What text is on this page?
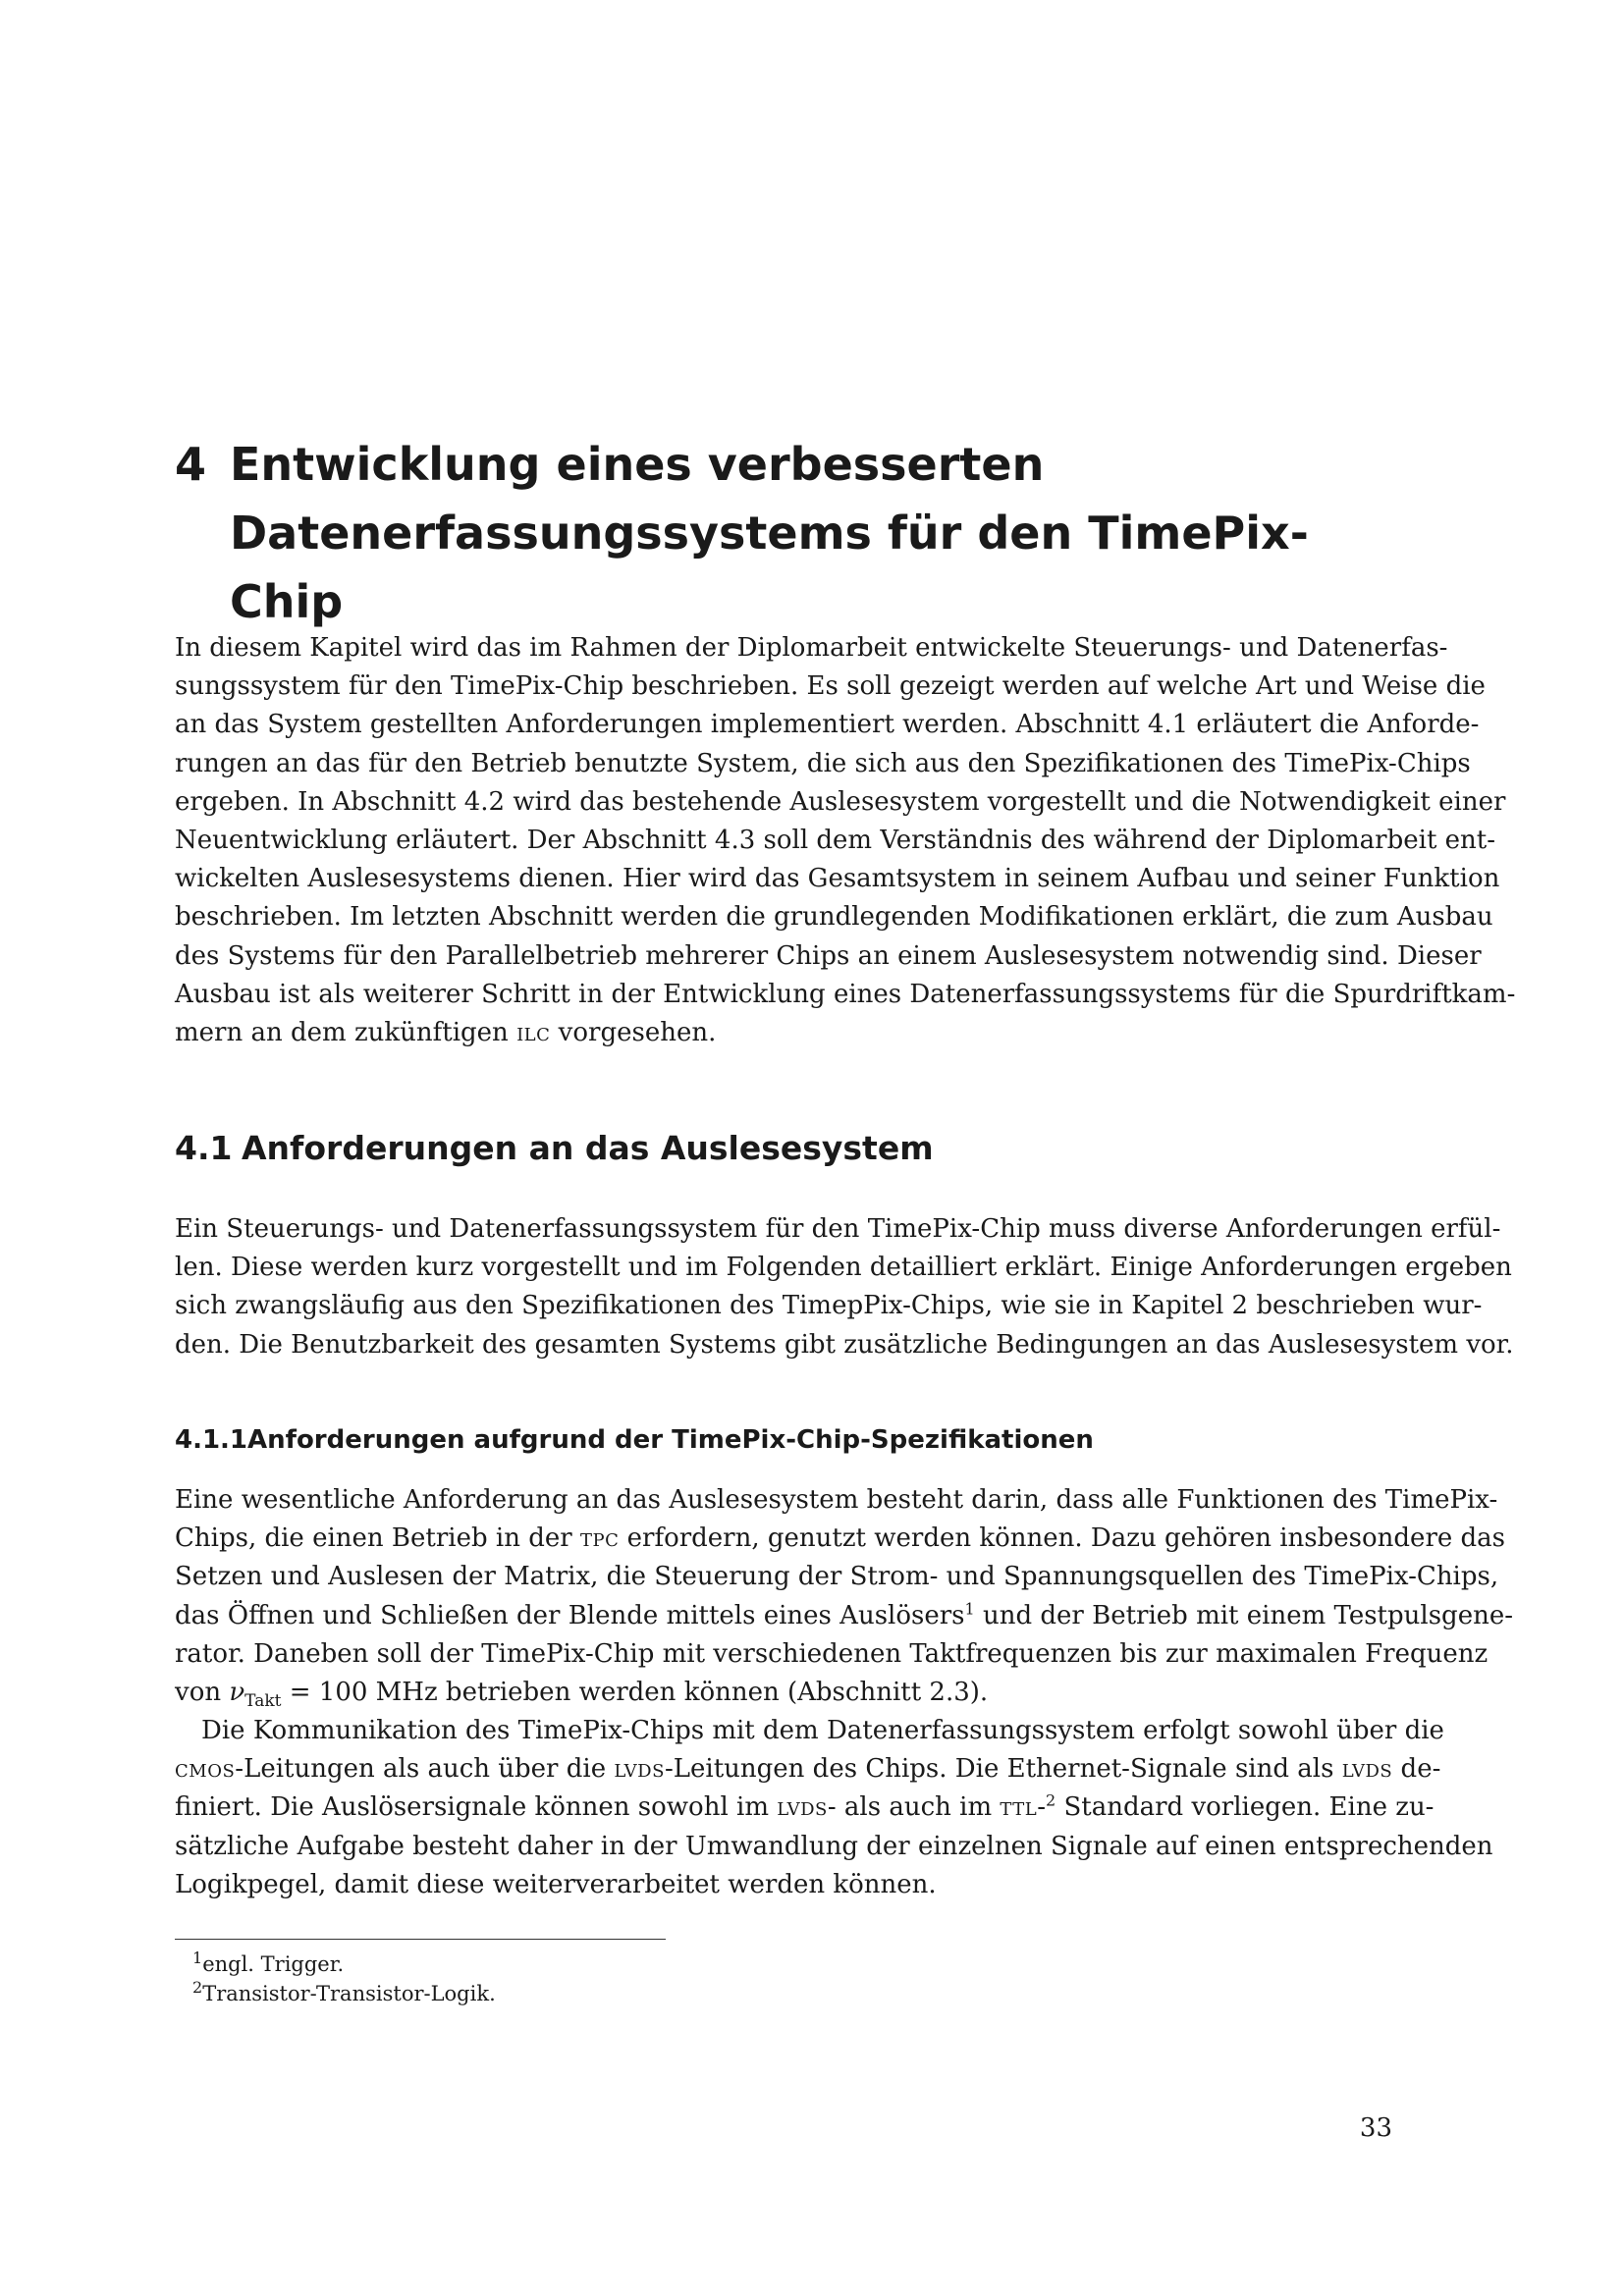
4 Entwicklung eines verbesserten
Datenerfassungssystems für den TimePix-Chip

In diesem Kapitel wird das im Rahmen der Diplomarbeit entwickelte Steuerungs- und Datenerfas-
sungssystem für den TimePix-Chip beschrieben. Es soll gezeigt werden auf welche Art und Weise die
an das System gestellten Anforderungen implementiert werden. Abschnitt 4.1 erläutert die Anforde-
rungen an das für den Betrieb benutzte System, die sich aus den Spezifikationen des TimePix-Chips
ergeben. In Abschnitt 4.2 wird das bestehende Auslesesystem vorgestellt und die Notwendigkeit einer
Neuentwicklung erläutert. Der Abschnitt 4.3 soll dem Verständnis des während der Diplomarbeit ent-
wickelten Auslesesystems dienen. Hier wird das Gesamtsystem in seinem Aufbau und seiner Funktion
beschrieben. Im letzten Abschnitt werden die grundlegenden Modifikationen erklärt, die zum Ausbau
des Systems für den Parallelbetrieb mehrerer Chips an einem Auslesesystem notwendig sind. Dieser
Ausbau ist als weiterer Schritt in der Entwicklung eines Datenerfassungssystems für die Spurdriftkam-
mern an dem zukünftigen ilc vorgesehen.

4.1 Anforderungen an das Auslesesystem

Ein Steuerungs- und Datenerfassungssystem für den TimePix-Chip muss diverse Anforderungen erfül-
len. Diese werden kurz vorgestellt und im Folgenden detailliert erklärt. Einige Anforderungen ergeben
sich zwangsläufig aus den Spezifikationen des TimepPix-Chips, wie sie in Kapitel 2 beschrieben wur-
den. Die Benutzbarkeit des gesamten Systems gibt zusätzliche Bedingungen an das Auslesesystem vor.

4.1.1Anforderungen aufgrund der TimePix-Chip-Spezifikationen

Eine wesentliche Anforderung an das Auslesesystem besteht darin, dass alle Funktionen des TimePix-
Chips, die einen Betrieb in der tpc erfordern, genutzt werden können. Dazu gehören insbesondere das
Setzen und Auslesen der Matrix, die Steuerung der Strom- und Spannungsquellen des TimePix-Chips,
das Öffnen und Schließen der Blende mittels eines Auslösers$^1$ und der Betrieb mit einem Testpulsgene-
rator. Daneben soll der TimePix-Chip mit verschiedenen Taktfrequenzen bis zur maximalen Frequenz
von $\nu_{Takt} = 100$ MHz betrieben werden können (Abschnitt 2.3).

Die Kommunikation des TimePix-Chips mit dem Datenerfassungssystem erfolgt sowohl über die
cmos-Leitungen als auch über die lvds-Leitungen des Chips. Die Ethernet-Signale sind als lvds de-
finiert. Die Auslösersignale können sowohl im lvds- als auch im ttl-$^2$ Standard vorliegen. Eine zu-
sätzliche Aufgabe besteht daher in der Umwandlung der einzelnen Signale auf einen entsprechenden
Logikpegel, damit diese weiterverarbeitet werden können.

$^1$engl. Trigger.

$^2$Transistor-Transistor-Logik.

33
